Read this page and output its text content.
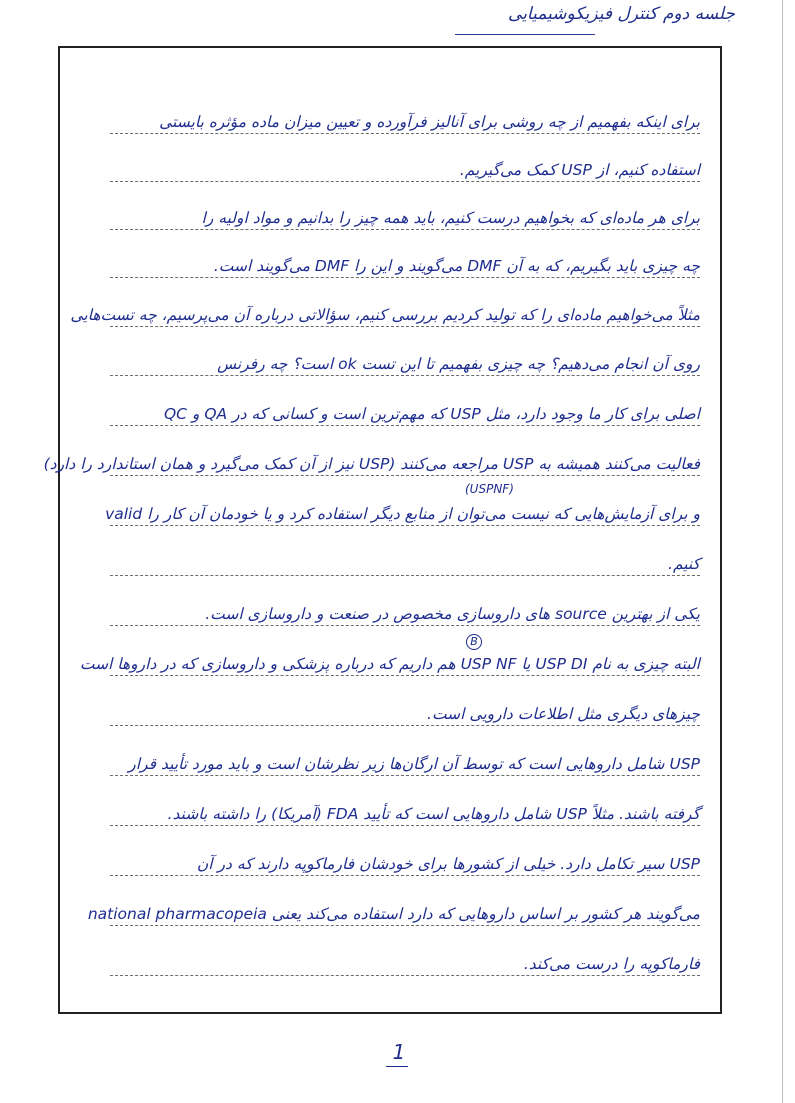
جلسه دوم کنترل فیزیکوشیمیایی
برای اینکه بفهمیم از چه روشی برای آنالیز فرآورده و تعیین میزان ماده مؤثره بایستی
استفاده کنیم، از USP کمک می‌گیریم.
برای هر ماده‌ای که بخواهیم درست کنیم، باید همه چیز را بدانیم و مواد اولیه را
چه چیزی باید بگیریم، که به آن DMF می‌گویند و این را DMF می‌گویند است.
مثلاً می‌خواهیم ماده‌ای را که تولید کردیم بررسی کنیم، سؤالاتی درباره آن می‌پرسیم، چه تست‌هایی
روی آن انجام می‌دهیم؟ چه چیزی بفهمیم تا این تست ok است؟ چه رفرنس
اصلی برای کار ما وجود دارد، مثل USP که مهم‌ترین است و کسانی که در QA و QC
فعالیت می‌کنند همیشه به USP مراجعه می‌کنند (USP نیز از آن کمک می‌گیرد و همان استاندارد را دارد)
و برای آزمایش‌هایی که نیست می‌توان از منابع دیگر استفاده کرد و یا خودمان آن کار را valid
کنیم.
یکی از بهترین source های داروسازی مخصوص در صنعت و داروسازی است.
البته چیزی به نام USP DI یا USP NF هم داریم که درباره پزشکی و داروسازی که در داروها است
چیزهای دیگری مثل اطلاعات دارویی است.
USP شامل داروهایی است که توسط آن ارگان‌ها زیر نظرشان است و باید مورد تأیید قرار
گرفته باشند. مثلاً USP شامل داروهایی است که تأیید FDA (آمریکا) را داشته باشند.
USP سیر تکامل دارد. خیلی از کشورها برای خودشان فارماکوپه دارند که در آن
می‌گویند هر کشور بر اساس داروهایی که دارد استفاده می‌کند یعنی national pharmacopeia
فارماکوپه را درست می‌کند.
(USPNF)
B
1
